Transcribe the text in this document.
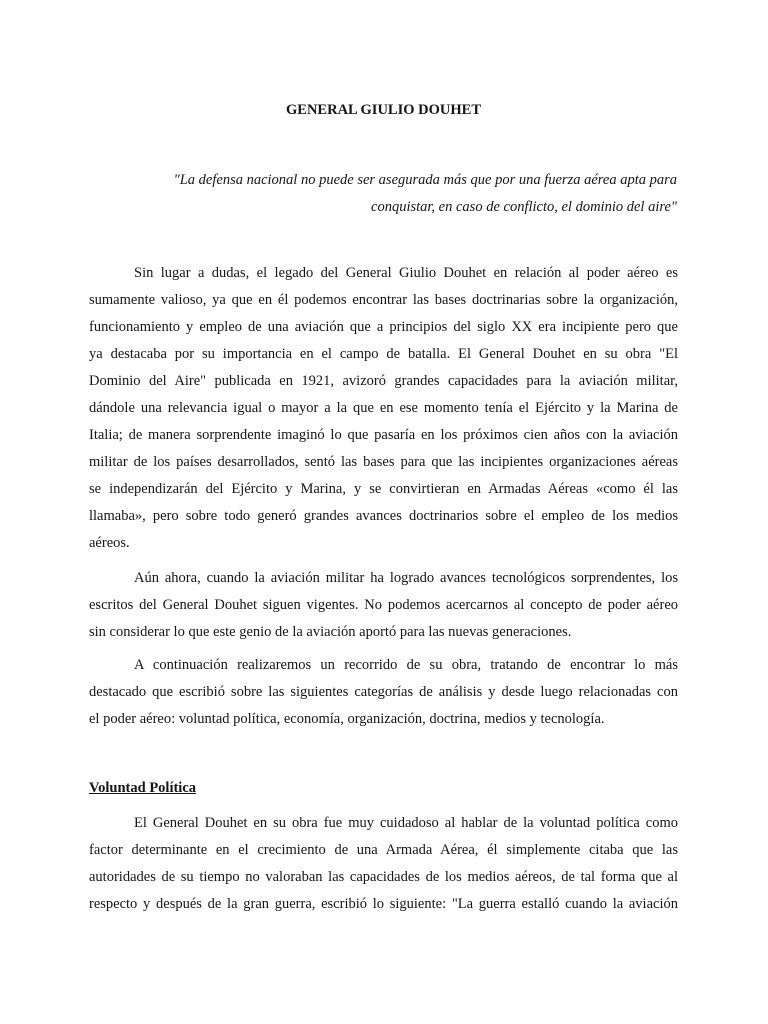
GENERAL GIULIO DOUHET
"La defensa nacional no puede ser asegurada más que por una fuerza aérea apta para
conquistar, en caso de conflicto, el dominio del aire"
Sin lugar a dudas, el legado del General Giulio Douhet en relación al poder aéreo es
sumamente valioso, ya que en él podemos encontrar las bases doctrinarias sobre la organización,
funcionamiento y empleo de una aviación que a principios del siglo XX era incipiente pero que
ya destacaba por su importancia en el campo de batalla. El General Douhet en su obra "El
Dominio del Aire" publicada en 1921, avizoró grandes capacidades para la aviación militar,
dándole una relevancia igual o mayor a la que en ese momento tenía el Ejército y la Marina de
Italia; de manera sorprendente imaginó lo que pasaría en los próximos cien años con la aviación
militar de los países desarrollados, sentó las bases para que las incipientes organizaciones aéreas
se independizarán del Ejército y Marina, y se convirtieran en Armadas Aéreas «como él las
llamaba», pero sobre todo generó grandes avances doctrinarios sobre el empleo de los medios
aéreos.
Aún ahora, cuando la aviación militar ha logrado avances tecnológicos sorprendentes, los
escritos del General Douhet siguen vigentes. No podemos acercarnos al concepto de poder aéreo
sin considerar lo que este genio de la aviación aportó para las nuevas generaciones.
A continuación realizaremos un recorrido de su obra, tratando de encontrar lo más
destacado que escribió sobre las siguientes categorías de análisis y desde luego relacionadas con
el poder aéreo: voluntad política, economía, organización, doctrina, medios y tecnología.
Voluntad Política
El General Douhet en su obra fue muy cuidadoso al hablar de la voluntad política como
factor determinante en el crecimiento de una Armada Aérea, él simplemente citaba que las
autoridades de su tiempo no valoraban las capacidades de los medios aéreos, de tal forma que al
respecto y después de la gran guerra, escribió lo siguiente: "La guerra estalló cuando la aviación
